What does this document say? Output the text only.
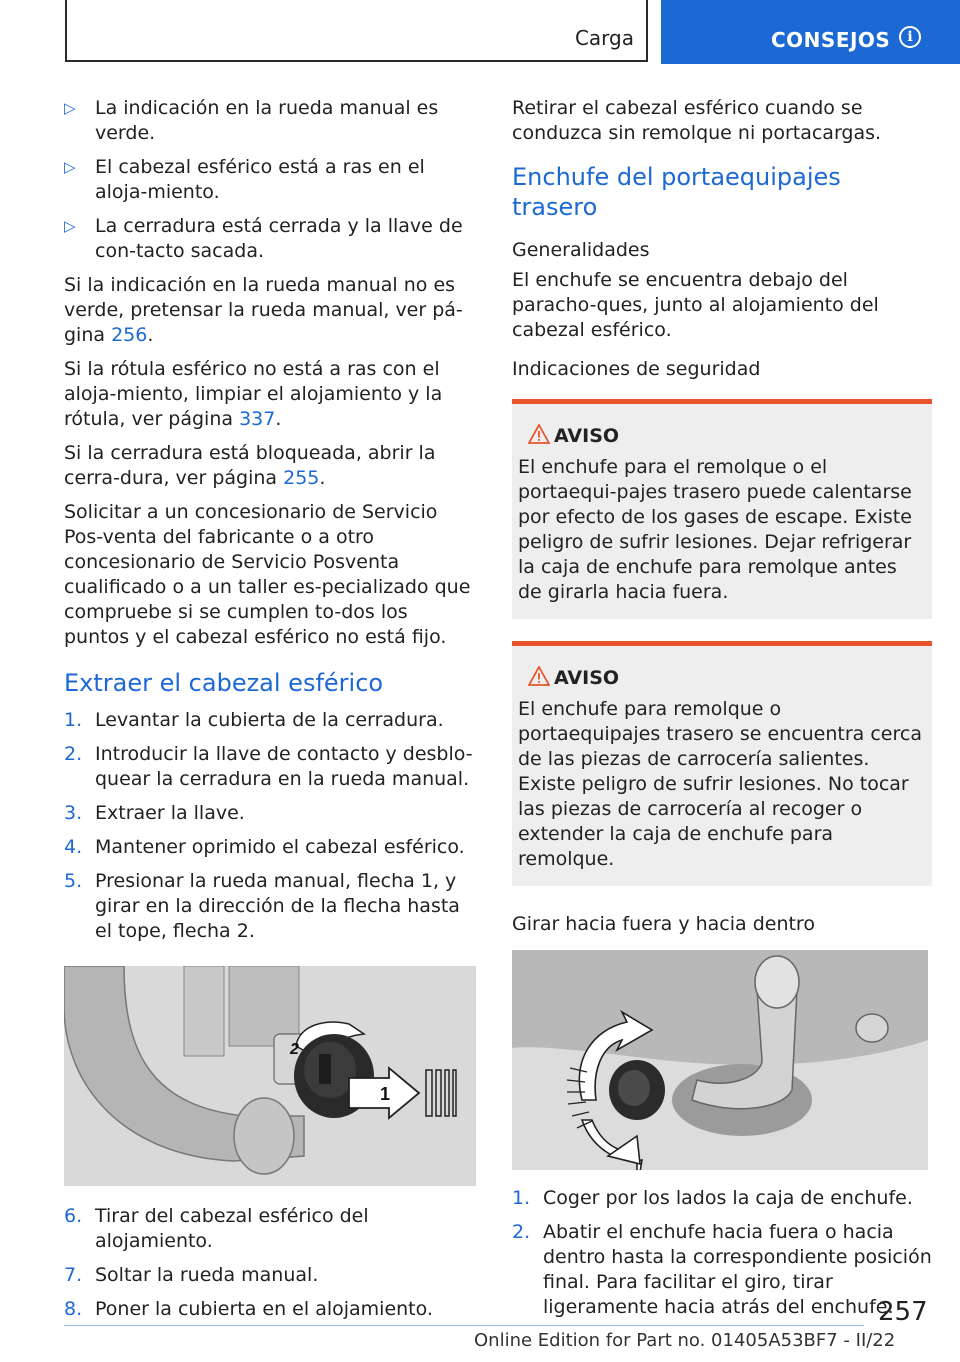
Carga	CONSEJOS	i
▷ La indicación en la rueda manual es verde.
▷ El cabezal esférico está a ras en el aloja-miento.
▷ La cerradura está cerrada y la llave de con-tacto sacada.

Si la indicación en la rueda manual no es verde, pretensar la rueda manual, ver pá-gina 256.

Si la rótula esférico no está a ras con el aloja-miento, limpiar el alojamiento y la rótula, ver página 337.

Si la cerradura está bloqueada, abrir la cerra-dura, ver página 255.

Solicitar a un concesionario de Servicio Pos-venta del fabricante o a otro concesionario de Servicio Posventa cualificado o a un taller es-pecializado que compruebe si se cumplen to-dos los puntos y el cabezal esférico no está fijo.

Extraer el cabezal esférico
1. Levantar la cubierta de la cerradura.
2. Introducir la llave de contacto y desblo-quear la cerradura en la rueda manual.
3. Extraer la llave.
4. Mantener oprimido el cabezal esférico.
5. Presionar la rueda manual, flecha 1, y girar en la dirección de la flecha hasta el tope, flecha 2.
1
2
6. Tirar del cabezal esférico del alojamiento.
7. Soltar la rueda manual.
8. Poner la cubierta en el alojamiento.

Retirar el cabezal esférico cuando se conduzca sin remolque ni portacargas.

Enchufe del portaequipajes trasero
Generalidades

El enchufe se encuentra debajo del paracho-ques, junto al alojamiento del cabezal esférico.

Indicaciones de seguridad
AVISO

El enchufe para el remolque o el portaequi-pajes trasero puede calentarse por efecto de los gases de escape. Existe peligro de sufrir lesiones. Dejar refrigerar la caja de enchufe para remolque antes de girarla hacia fuera.

AVISO

El enchufe para remolque o portaequipajes trasero se encuentra cerca de las piezas de carrocería salientes. Existe peligro de sufrir lesiones. No tocar las piezas de carrocería al recoger o extender la caja de enchufe para remolque.

Girar hacia fuera y hacia dentro
1. Coger por los lados la caja de enchufe.
2. Abatir el enchufe hacia fuera o hacia dentro hasta la correspondiente posición final. Para facilitar el giro, tirar ligeramente hacia atrás del enchufe.
257
Online Edition for Part no. 01405A53BF7 - II/22
